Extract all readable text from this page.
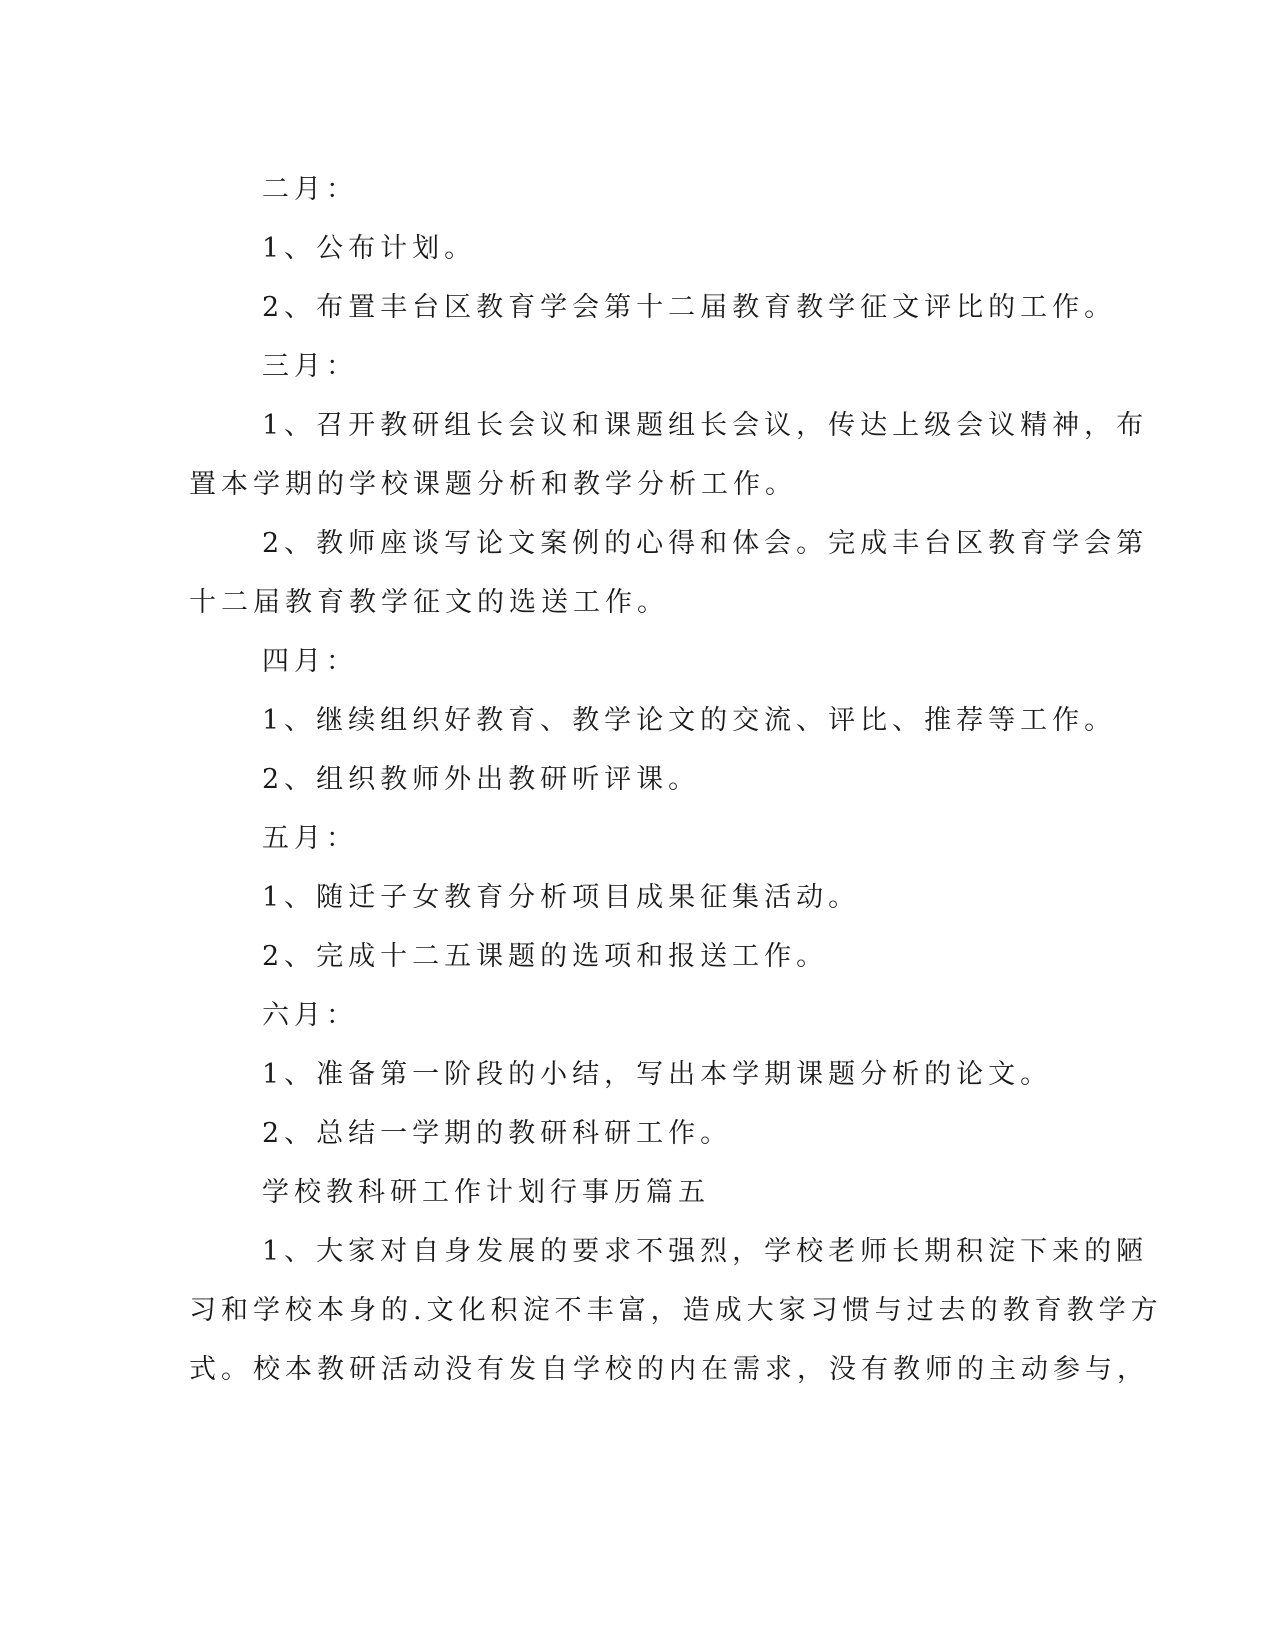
二月：
1、公布计划。
2、布置丰台区教育学会第十二届教育教学征文评比的工作。
三月：
1、召开教研组长会议和课题组长会议，传达上级会议精神，布
置本学期的学校课题分析和教学分析工作。
2、教师座谈写论文案例的心得和体会。完成丰台区教育学会第
十二届教育教学征文的选送工作。
四月：
1、继续组织好教育、教学论文的交流、评比、推荐等工作。
2、组织教师外出教研听评课。
五月：
1、随迁子女教育分析项目成果征集活动。
2、完成十二五课题的选项和报送工作。
六月：
1、准备第一阶段的小结，写出本学期课题分析的论文。
2、总结一学期的教研科研工作。
学校教科研工作计划行事历篇五
1、大家对自身发展的要求不强烈，学校老师长期积淀下来的陋
习和学校本身的.文化积淀不丰富，造成大家习惯与过去的教育教学方
式。校本教研活动没有发自学校的内在需求，没有教师的主动参与，
